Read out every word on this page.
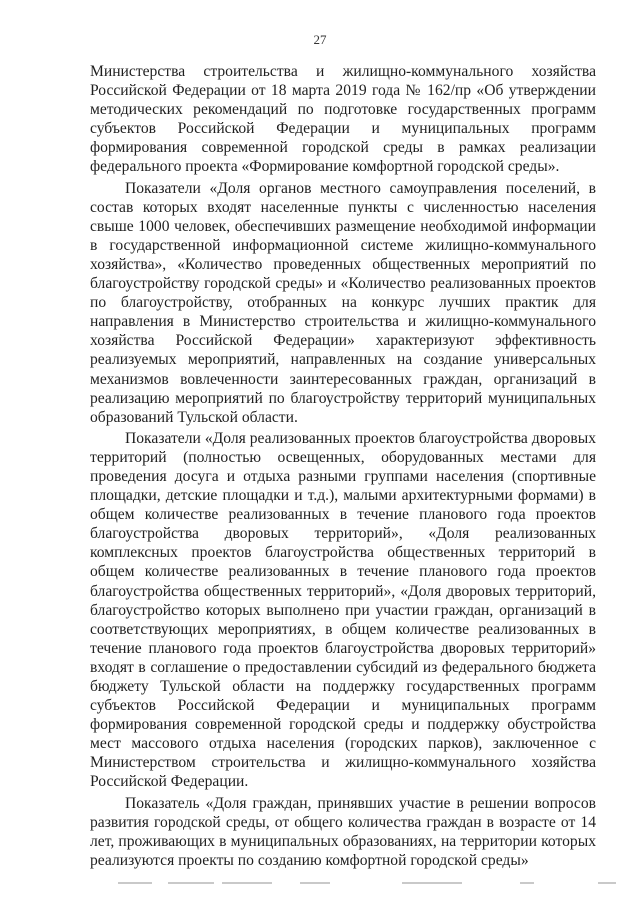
27

Министерства строительства и жилищно-коммунального хозяйства Российской Федерации от 18 марта 2019 года № 162/пр «Об утверждении методических рекомендаций по подготовке государственных программ субъектов Российской Федерации и муниципальных программ формирования современной городской среды в рамках реализации федерального проекта «Формирование комфортной городской среды».

Показатели «Доля органов местного самоуправления поселений, в состав которых входят населенные пункты с численностью населения свыше 1000 человек, обеспечивших размещение необходимой информации в государственной информационной системе жилищно-коммунального хозяйства», «Количество проведенных общественных мероприятий по благоустройству городской среды» и «Количество реализованных проектов по благоустройству, отобранных на конкурс лучших практик для направления в Министерство строительства и жилищно-коммунального хозяйства Российской Федерации» характеризуют эффективность реализуемых мероприятий, направленных на создание универсальных механизмов вовлеченности заинтересованных граждан, организаций в реализацию мероприятий по благоустройству территорий муниципальных образований Тульской области.

Показатели «Доля реализованных проектов благоустройства дворовых территорий (полностью освещенных, оборудованных местами для проведения досуга и отдыха разными группами населения (спортивные площадки, детские площадки и т.д.), малыми архитектурными формами) в общем количестве реализованных в течение планового года проектов благоустройства дворовых территорий», «Доля реализованных комплексных проектов благоустройства общественных территорий в общем количестве реализованных в течение планового года проектов благоустройства общественных территорий», «Доля дворовых территорий, благоустройство которых выполнено при участии граждан, организаций в соответствующих мероприятиях, в общем количестве реализованных в течение планового года проектов благоустройства дворовых территорий» входят в соглашение о предоставлении субсидий из федерального бюджета бюджету Тульской области на поддержку государственных программ субъектов Российской Федерации и муниципальных программ формирования современной городской среды и поддержку обустройства мест массового отдыха населения (городских парков), заключенное с Министерством строительства и жилищно-коммунального хозяйства Российской Федерации.

Показатель «Доля граждан, принявших участие в решении вопросов развития городской среды, от общего количества граждан в возрасте от 14 лет, проживающих в муниципальных образованиях, на территории которых реализуются проекты по созданию комфортной городской среды»
